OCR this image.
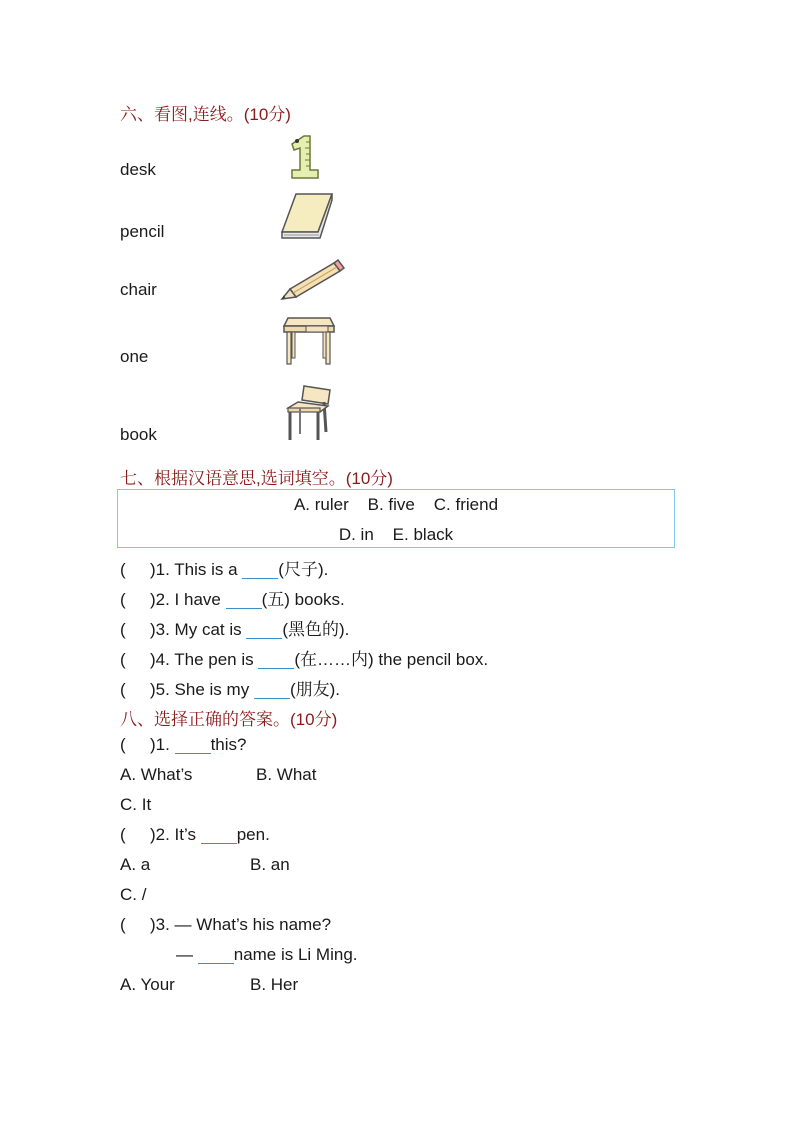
六、看图,连线。(10分)
desk
pencil
chair
one
book
七、根据汉语意思,选词填空。(10分)
A. ruler    B. five    C. friend
D. in    E. black
( )1. This is a (尺子).
( )2. I have (五) books.
( )3. My cat is (黑色的).
( )4. The pen is (在……内) the pencil box.
( )5. She is my (朋友).
八、选择正确的答案。(10分)
( )1. this?
A. What’s	B. What
C. It
( )2. It’s pen.
A. a	B. an
C. /
( )3. — What’s his name?
— name is Li Ming.
A. Your	B. Her
